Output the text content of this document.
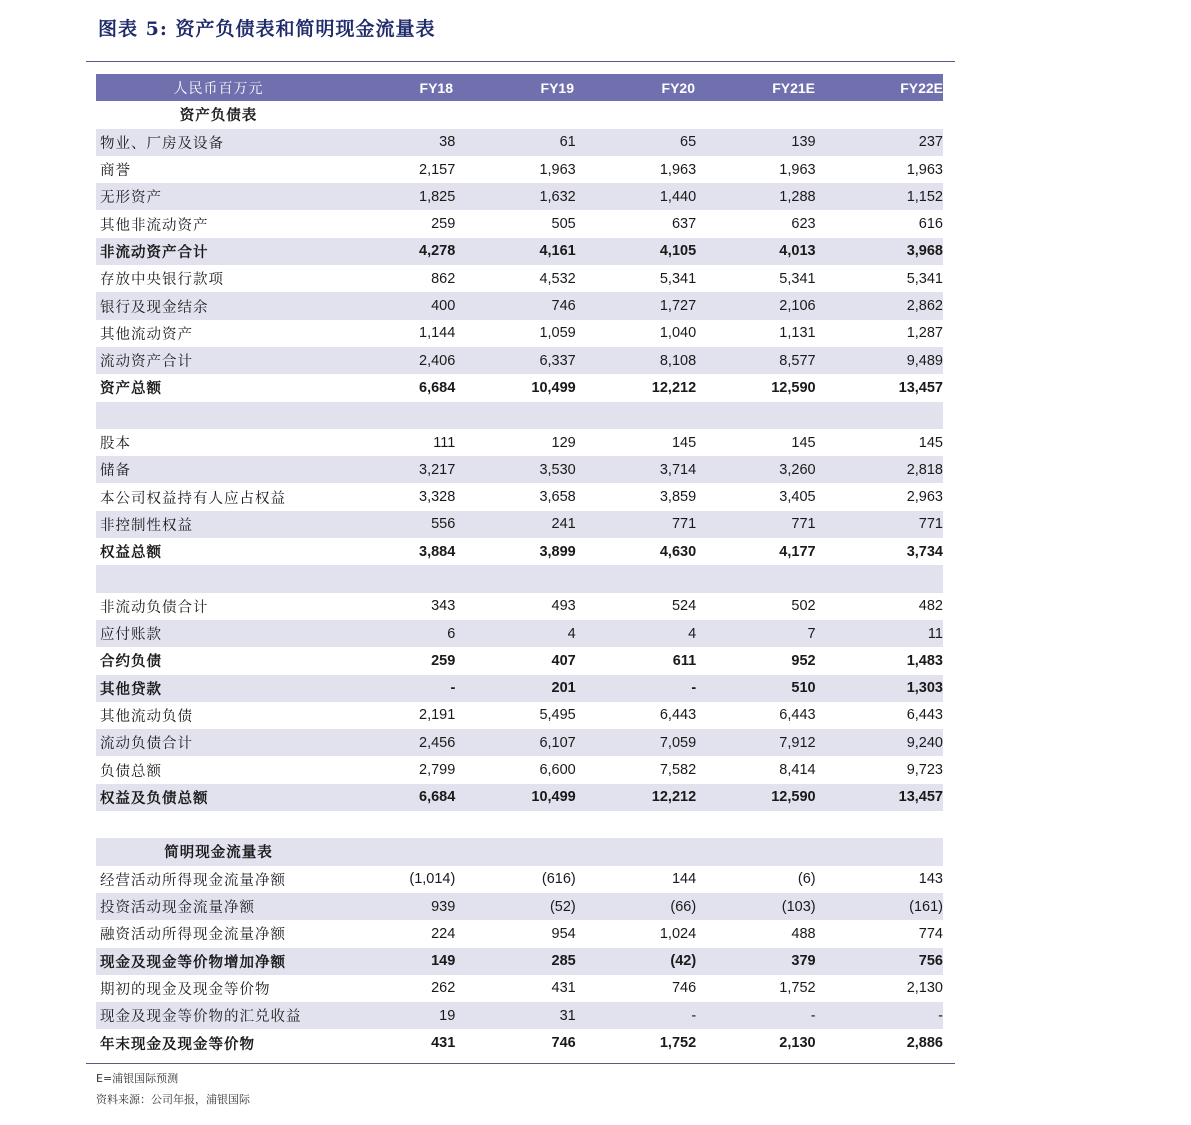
图表 5: 资产负债表和简明现金流量表
人民币百万元	FY18	FY19	FY20	FY21E	FY22E
资产负债表
物业、厂房及设备	38	61	65	139	237
商誉	2,157	1,963	1,963	1,963	1,963
无形资产	1,825	1,632	1,440	1,288	1,152
其他非流动资产	259	505	637	623	616
非流动资产合计	4,278	4,161	4,105	4,013	3,968
存放中央银行款项	862	4,532	5,341	5,341	5,341
银行及现金结余	400	746	1,727	2,106	2,862
其他流动资产	1,144	1,059	1,040	1,131	1,287
流动资产合计	2,406	6,337	8,108	8,577	9,489
资产总额	6,684	10,499	12,212	12,590	13,457
股本	111	129	145	145	145
储备	3,217	3,530	3,714	3,260	2,818
本公司权益持有人应占权益	3,328	3,658	3,859	3,405	2,963
非控制性权益	556	241	771	771	771
权益总额	3,884	3,899	4,630	4,177	3,734
非流动负债合计	343	493	524	502	482
应付账款	6	4	4	7	11
合约负债	259	407	611	952	1,483
其他贷款	-	201	-	510	1,303
其他流动负债	2,191	5,495	6,443	6,443	6,443
流动负债合计	2,456	6,107	7,059	7,912	9,240
负债总额	2,799	6,600	7,582	8,414	9,723
权益及负债总额	6,684	10,499	12,212	12,590	13,457
简明现金流量表
经营活动所得现金流量净额	(1,014)	(616)	144	(6)	143
投资活动现金流量净额	939	(52)	(66)	(103)	(161)
融资活动所得现金流量净额	224	954	1,024	488	774
现金及现金等价物增加净额	149	285	(42)	379	756
期初的现金及现金等价物	262	431	746	1,752	2,130
现金及现金等价物的汇兑收益	19	31	-	-	-
年末现金及现金等价物	431	746	1,752	2,130	2,886
E=浦银国际预测
资料来源：公司年报，浦银国际
